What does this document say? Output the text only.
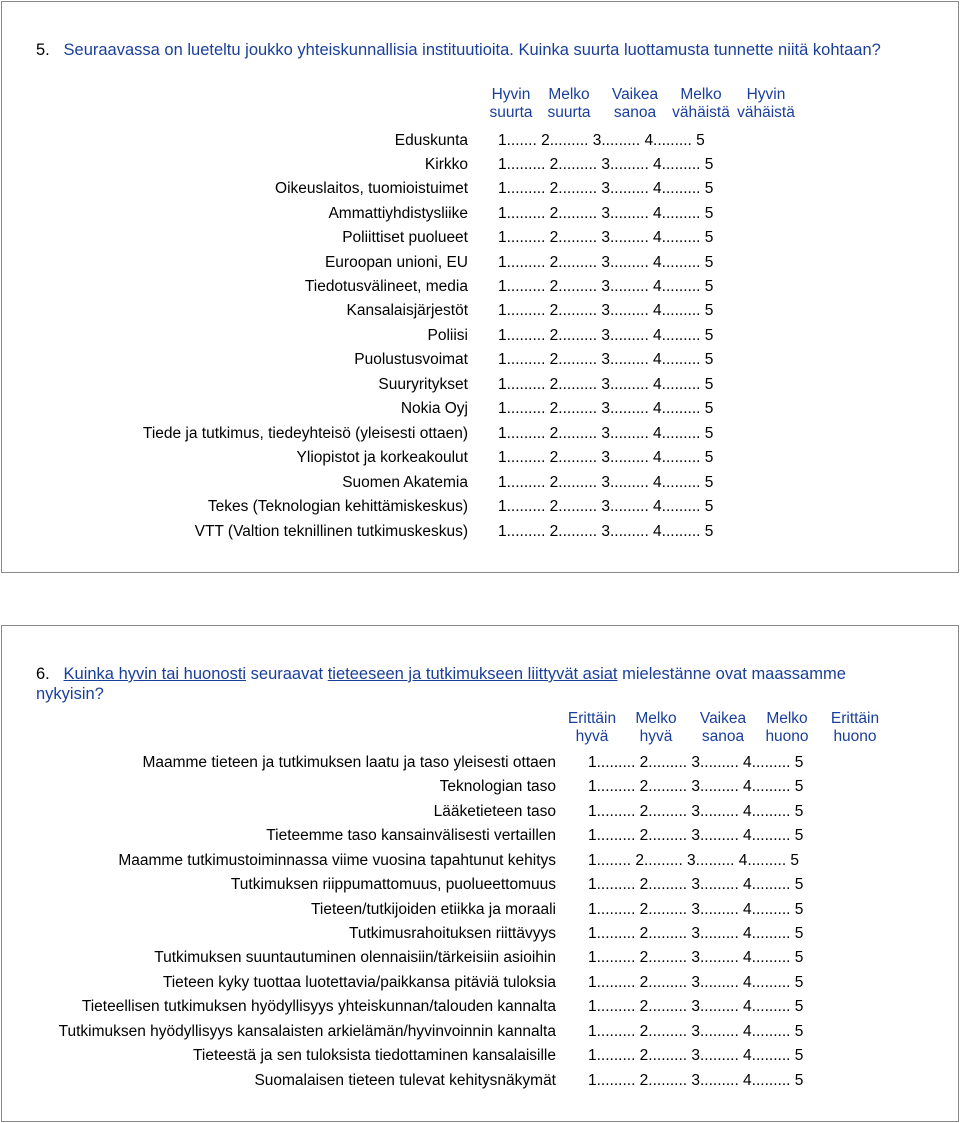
5. Seuraavassa on lueteltu joukko yhteiskunnallisia instituutioita. Kuinka suurta luottamusta tunnette niitä kohtaan?
Hyvin
suurta
Melko
suurta
Vaikea
sanoa
Melko
vähäistä
Hyvin
vähäistä
Eduskunta 1....... 2......... 3......... 4......... 5
Kirkko 1......... 2......... 3......... 4......... 5
Oikeuslaitos, tuomioistuimet 1......... 2......... 3......... 4......... 5
Ammattiyhdistysliike 1......... 2......... 3......... 4......... 5
Poliittiset puolueet 1......... 2......... 3......... 4......... 5
Euroopan unioni, EU 1......... 2......... 3......... 4......... 5
Tiedotusvälineet, media 1......... 2......... 3......... 4......... 5
Kansalaisjärjestöt 1......... 2......... 3......... 4......... 5
Poliisi 1......... 2......... 3......... 4......... 5
Puolustusvoimat 1......... 2......... 3......... 4......... 5
Suuryritykset 1......... 2......... 3......... 4......... 5
Nokia Oyj 1......... 2......... 3......... 4......... 5
Tiede ja tutkimus, tiedeyhteisö (yleisesti ottaen) 1......... 2......... 3......... 4......... 5
Yliopistot ja korkeakoulut 1......... 2......... 3......... 4......... 5
Suomen Akatemia 1......... 2......... 3......... 4......... 5
Tekes (Teknologian kehittämiskeskus) 1......... 2......... 3......... 4......... 5
VTT (Valtion teknillinen tutkimuskeskus) 1......... 2......... 3......... 4......... 5
6. Kuinka hyvin tai huonosti seuraavat tieteeseen ja tutkimukseen liittyvät asiat mielestänne ovat maassamme nykyisin?
Erittäin
hyvä
Melko
hyvä
Vaikea
sanoa
Melko
huono
Erittäin
huono
Maamme tieteen ja tutkimuksen laatu ja taso yleisesti ottaen 1......... 2......... 3......... 4......... 5
Teknologian taso 1......... 2......... 3......... 4......... 5
Lääketieteen taso 1......... 2......... 3......... 4......... 5
Tieteemme taso kansainvälisesti vertaillen 1......... 2......... 3......... 4......... 5
Maamme tutkimustoiminnassa viime vuosina tapahtunut kehitys 1........ 2......... 3......... 4......... 5
Tutkimuksen riippumattomuus, puolueettomuus 1......... 2......... 3......... 4......... 5
Tieteen/tutkijoiden etiikka ja moraali 1......... 2......... 3......... 4......... 5
Tutkimusrahoituksen riittävyys 1......... 2......... 3......... 4......... 5
Tutkimuksen suuntautuminen olennaisiin/tärkeisiin asioihin 1......... 2......... 3......... 4......... 5
Tieteen kyky tuottaa luotettavia/paikkansa pitäviä tuloksia 1......... 2......... 3......... 4......... 5
Tieteellisen tutkimuksen hyödyllisyys yhteiskunnan/talouden kannalta 1......... 2......... 3......... 4......... 5
Tutkimuksen hyödyllisyys kansalaisten arkielämän/hyvinvoinnin kannalta 1......... 2......... 3......... 4......... 5
Tieteestä ja sen tuloksista tiedottaminen kansalaisille 1......... 2......... 3......... 4......... 5
Suomalaisen tieteen tulevat kehitysnäkymät 1......... 2......... 3......... 4......... 5
